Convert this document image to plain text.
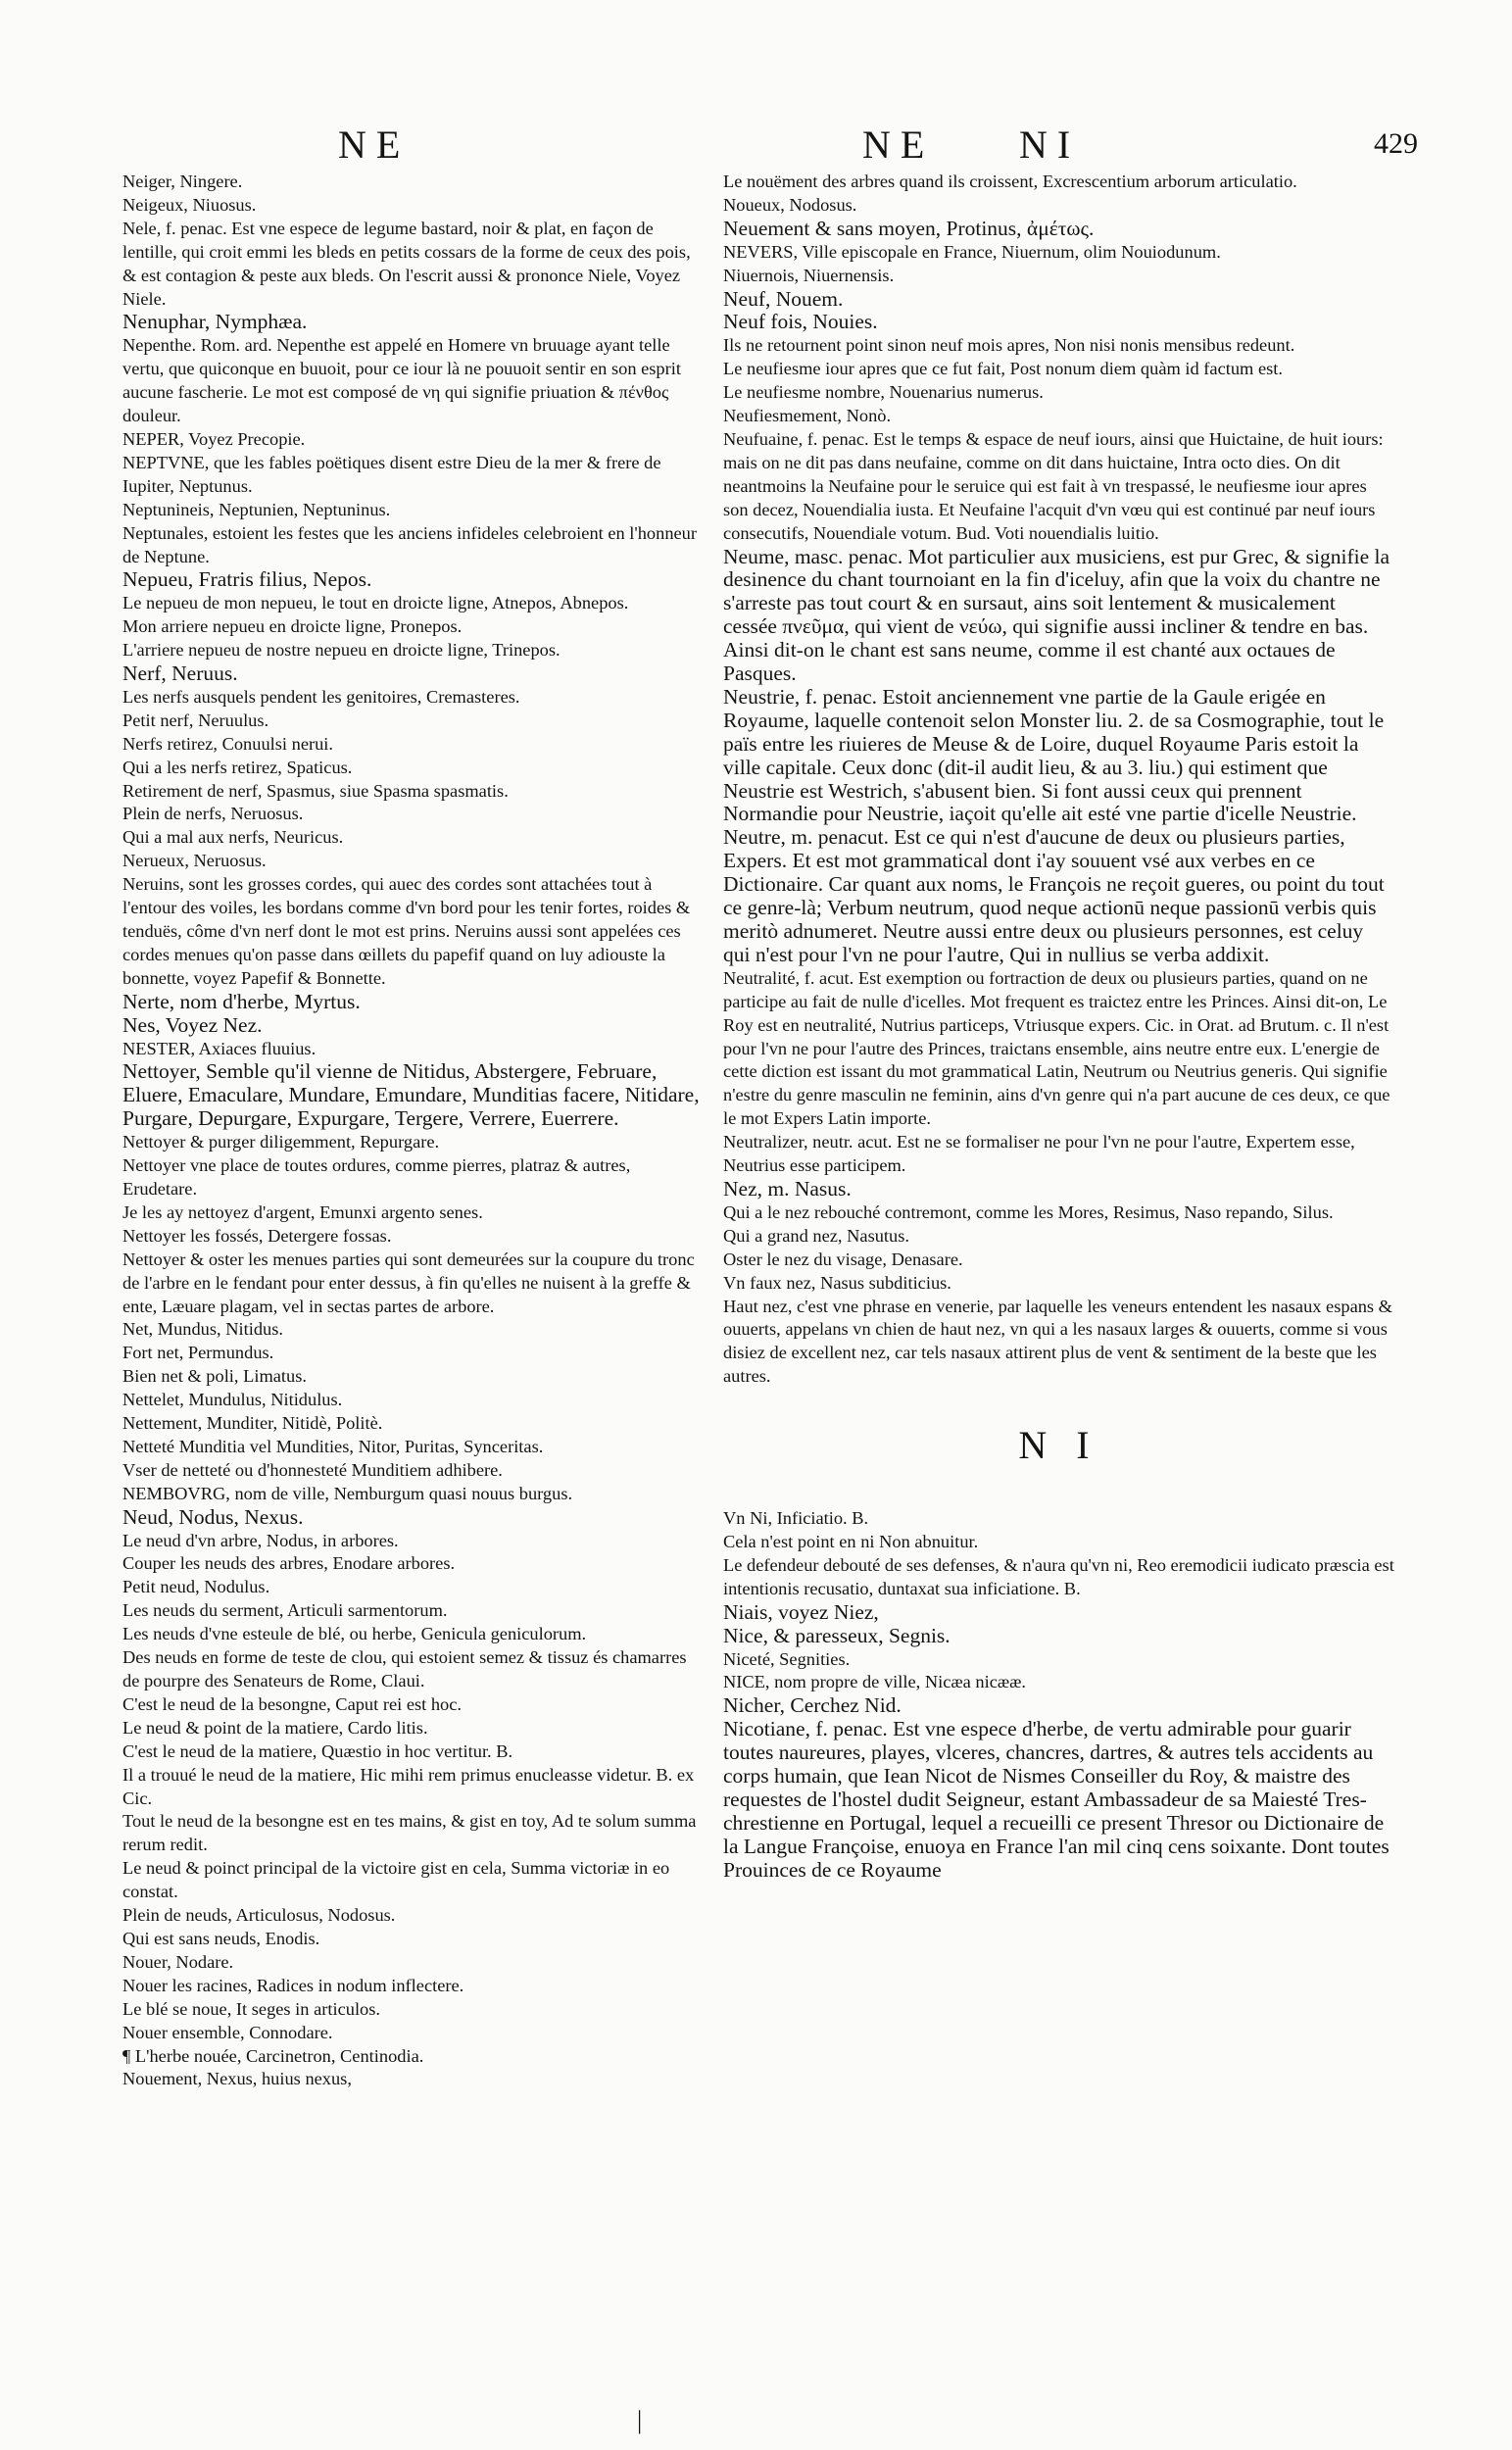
NE	NE NI	429

Neiger, Ningere.

Neigeux, Niuosus.

Nele, f. penac. Est vne espece de legume bastard, noir & plat, en façon de lentille, qui croit emmi les bleds en petits cossars de la forme de ceux des pois, & est contagion & peste aux bleds. On l'escrit aussi & prononce Niele, Voyez Niele.

Nenuphar, Nymphæa.

Nepenthe. Rom. ard. Nepenthe est appelé en Homere vn bruuage ayant telle vertu, que quiconque en buuoit, pour ce iour là ne pouuoit sentir en son esprit aucune fascherie. Le mot est composé de νη qui signifie priuation & πένθος douleur.

NEPER, Voyez Precopie.

NEPTVNE, que les fables poëtiques disent estre Dieu de la mer & frere de Iupiter, Neptunus.

Neptunineis, Neptunien, Neptuninus.

Neptunales, estoient les festes que les anciens infideles celebroient en l'honneur de Neptune.

Nepueu, Fratris filius, Nepos.

Le nepueu de mon nepueu, le tout en droicte ligne, Atnepos, Abnepos.

Mon arriere nepueu en droicte ligne, Pronepos.

L'arriere nepueu de nostre nepueu en droicte ligne, Trinepos.

Nerf, Neruus.

Les nerfs ausquels pendent les genitoires, Cremasteres.

Petit nerf, Neruulus.

Nerfs retirez, Conuulsi nerui.

Qui a les nerfs retirez, Spaticus.

Retirement de nerf, Spasmus, siue Spasma spasmatis.

Plein de nerfs, Neruosus.

Qui a mal aux nerfs, Neuricus.

Nerueux, Neruosus.

Neruins, sont les grosses cordes, qui auec des cordes sont attachées tout à l'entour des voiles, les bordans comme d'vn bord pour les tenir fortes, roides & tenduës, côme d'vn nerf dont le mot est prins. Neruins aussi sont appelées ces cordes menues qu'on passe dans œillets du papefif quand on luy adiouste la bonnette, voyez Papefif & Bonnette.

Nerte, nom d'herbe, Myrtus.

Nes, Voyez Nez.

NESTER, Axiaces fluuius.

Nettoyer, Semble qu'il vienne de Nitidus, Abstergere, Februare, Eluere, Emaculare, Mundare, Emundare, Munditias facere, Nitidare, Purgare, Depurgare, Expurgare, Tergere, Verrere, Euerrere.

Nettoyer & purger diligemment, Repurgare.

Nettoyer vne place de toutes ordures, comme pierres, platraz & autres, Erudetare.

Je les ay nettoyez d'argent, Emunxi argento senes.

Nettoyer les fossés, Detergere fossas.

Nettoyer & oster les menues parties qui sont demeurées sur la coupure du tronc de l'arbre en le fendant pour enter dessus, à fin qu'elles ne nuisent à la greffe & ente, Læuare plagam, vel in sectas partes de arbore.

Net, Mundus, Nitidus.

Fort net, Permundus.

Bien net & poli, Limatus.

Nettelet, Mundulus, Nitidulus.

Nettement, Munditer, Nitidè, Politè.

Netteté Munditia vel Mundities, Nitor, Puritas, Synceritas.

Vser de netteté ou d'honnesteté Munditiem adhibere.

NEMBOVRG, nom de ville, Nemburgum quasi nouus burgus.

Neud, Nodus, Nexus.

Le neud d'vn arbre, Nodus, in arbores.

Couper les neuds des arbres, Enodare arbores.

Petit neud, Nodulus.

Les neuds du serment, Articuli sarmentorum.

Les neuds d'vne esteule de blé, ou herbe, Genicula geniculorum.

Des neuds en forme de teste de clou, qui estoient semez & tissuz és chamarres de pourpre des Senateurs de Rome, Claui.

C'est le neud de la besongne, Caput rei est hoc.

Le neud & point de la matiere, Cardo litis.

C'est le neud de la matiere, Quæstio in hoc vertitur. B.

Il a trouué le neud de la matiere, Hic mihi rem primus enucleasse videtur. B. ex Cic.

Tout le neud de la besongne est en tes mains, & gist en toy, Ad te solum summa rerum redit.

Le neud & poinct principal de la victoire gist en cela, Summa victoriæ in eo constat.

Plein de neuds, Articulosus, Nodosus.

Qui est sans neuds, Enodis.

Nouer, Nodare.

Nouer les racines, Radices in nodum inflectere.

Le blé se noue, It seges in articulos.

Nouer ensemble, Connodare.

¶ L'herbe nouée, Carcinetron, Centinodia.

Nouement, Nexus, huius nexus,

Le nouëment des arbres quand ils croissent, Excrescentium arborum articulatio.

Noueux, Nodosus.

Neuement & sans moyen, Protinus, ἀμέτως.

NEVERS, Ville episcopale en France, Niuernum, olim Nouiodunum.

Niuernois, Niuernensis.

Neuf, Nouem.

Neuf fois, Nouies.

Ils ne retournent point sinon neuf mois apres, Non nisi nonis mensibus redeunt.

Le neufiesme iour apres que ce fut fait, Post nonum diem quàm id factum est.

Le neufiesme nombre, Nouenarius numerus.

Neufiesmement, Nonò.

Neufuaine, f. penac. Est le temps & espace de neuf iours, ainsi que Huictaine, de huit iours: mais on ne dit pas dans neufaine, comme on dit dans huictaine, Intra octo dies. On dit neantmoins la Neufaine pour le seruice qui est fait à vn trespassé, le neufiesme iour apres son decez, Nouendialia iusta. Et Neufaine l'acquit d'vn vœu qui est continué par neuf iours consecutifs, Nouendiale votum. Bud. Voti nouendialis luitio.

Neume, masc. penac. Mot particulier aux musiciens, est pur Grec, & signifie la desinence du chant tournoiant en la fin d'iceluy, afin que la voix du chantre ne s'arreste pas tout court & en sursaut, ains soit lentement & musicalement cessée πνεῦμα, qui vient de νεύω, qui signifie aussi incliner & tendre en bas. Ainsi dit-on le chant est sans neume, comme il est chanté aux octaues de Pasques.

Neustrie, f. penac. Estoit anciennement vne partie de la Gaule erigée en Royaume, laquelle contenoit selon Monster liu. 2. de sa Cosmographie, tout le païs entre les riuieres de Meuse & de Loire, duquel Royaume Paris estoit la ville capitale. Ceux donc (dit-il audit lieu, & au 3. liu.) qui estiment que Neustrie est Westrich, s'abusent bien. Si font aussi ceux qui prennent Normandie pour Neustrie, iaçoit qu'elle ait esté vne partie d'icelle Neustrie.

Neutre, m. penacut. Est ce qui n'est d'aucune de deux ou plusieurs parties, Expers. Et est mot grammatical dont i'ay souuent vsé aux verbes en ce Dictionaire. Car quant aux noms, le François ne reçoit gueres, ou point du tout ce genre-là; Verbum neutrum, quod neque actionū neque passionū verbis quis meritò adnumeret. Neutre aussi entre deux ou plusieurs personnes, est celuy qui n'est pour l'vn ne pour l'autre, Qui in nullius se verba addixit.

Neutralité, f. acut. Est exemption ou fortraction de deux ou plusieurs parties, quand on ne participe au fait de nulle d'icelles. Mot frequent es traictez entre les Princes. Ainsi dit-on, Le Roy est en neutralité, Nutrius particeps, Vtriusque expers. Cic. in Orat. ad Brutum. c. Il n'est pour l'vn ne pour l'autre des Princes, traictans ensemble, ains neutre entre eux. L'energie de cette diction est issant du mot grammatical Latin, Neutrum ou Neutrius generis. Qui signifie n'estre du genre masculin ne feminin, ains d'vn genre qui n'a part aucune de ces deux, ce que le mot Expers Latin importe.

Neutralizer, neutr. acut. Est ne se formaliser ne pour l'vn ne pour l'autre, Expertem esse, Neutrius esse participem.

Nez, m. Nasus.

Qui a le nez rebouché contremont, comme les Mores, Resimus, Naso repando, Silus.

Qui a grand nez, Nasutus.

Oster le nez du visage, Denasare.

Vn faux nez, Nasus subditicius.

Haut nez, c'est vne phrase en venerie, par laquelle les veneurs entendent les nasaux espans & ouuerts, appelans vn chien de haut nez, vn qui a les nasaux larges & ouuerts, comme si vous disiez de excellent nez, car tels nasaux attirent plus de vent & sentiment de la beste que les autres.

N I

Vn Ni, Inficiatio. B.

Cela n'est point en ni Non abnuitur.

Le defendeur debouté de ses defenses, & n'aura qu'vn ni, Reo eremodicii iudicato præscia est intentionis recusatio, duntaxat sua inficiatione. B.

Niais, voyez Niez,

Nice, & paresseux, Segnis.

Niceté, Segnities.

NICE, nom propre de ville, Nicæa nicææ.

Nicher, Cerchez Nid.

Nicotiane, f. penac. Est vne espece d'herbe, de vertu admirable pour guarir toutes naureures, playes, vlceres, chancres, dartres, & autres tels accidents au corps humain, que Iean Nicot de Nismes Conseiller du Roy, & maistre des requestes de l'hostel dudit Seigneur, estant Ambassadeur de sa Maiesté Tres-chrestienne en Portugal, lequel a recueilli ce present Thresor ou Dictionaire de la Langue Françoise, enuoya en France l'an mil cinq cens soixante. Dont toutes Prouinces de ce Royaume

|
